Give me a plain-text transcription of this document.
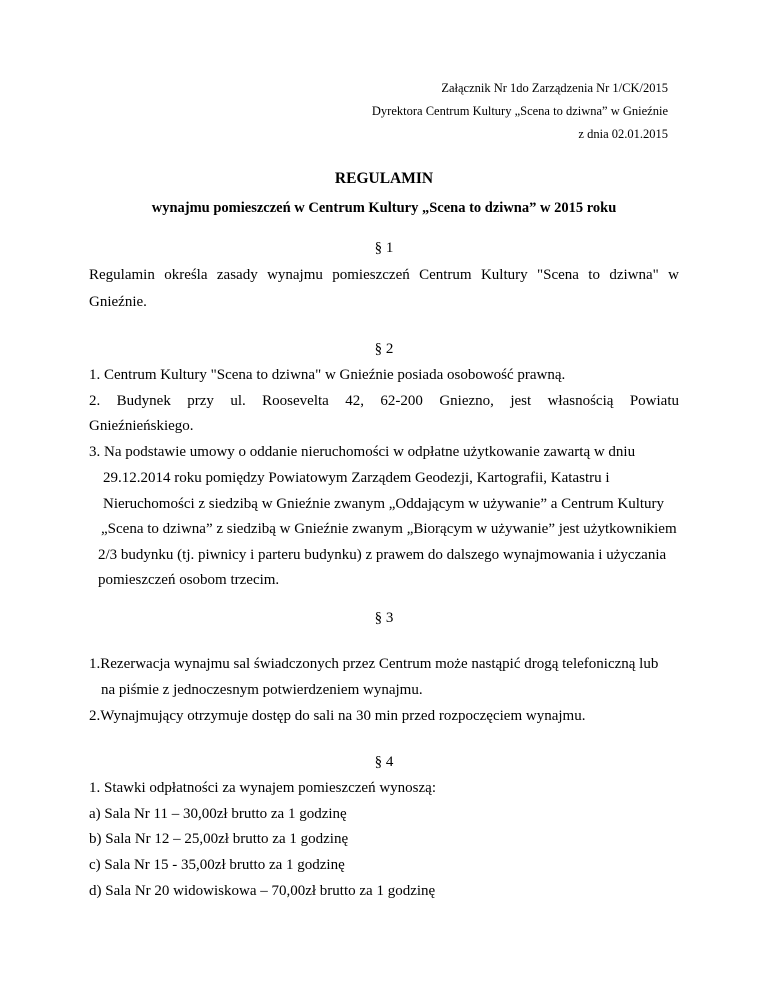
Załącznik Nr 1do Zarządzenia Nr 1/CK/2015
Dyrektora Centrum Kultury „Scena to dziwna” w Gnieźnie
z dnia 02.01.2015
REGULAMIN
wynajmu pomieszczeń w Centrum Kultury „Scena to dziwna” w 2015 roku
§ 1
Regulamin określa zasady wynajmu pomieszczeń Centrum Kultury "Scena to dziwna" w
Gnieźnie.
§ 2
1. Centrum Kultury "Scena to dziwna" w Gnieźnie posiada osobowość prawną.
2. Budynek przy ul. Roosevelta 42, 62-200 Gniezno, jest własnością Powiatu
Gnieźnieńskiego.
3. Na podstawie umowy o oddanie nieruchomości w odpłatne użytkowanie zawartą w dniu
29.12.2014 roku pomiędzy Powiatowym Zarządem Geodezji, Kartografii, Katastru i
Nieruchomości z siedzibą w Gnieźnie zwanym „Oddającym w używanie” a Centrum Kultury
„Scena to dziwna” z siedzibą w Gnieźnie zwanym „Biorącym w używanie” jest użytkownikiem
2/3 budynku (tj. piwnicy i parteru budynku) z prawem do dalszego wynajmowania i użyczania
pomieszczeń osobom trzecim.
§ 3
1.Rezerwacja wynajmu sal świadczonych przez Centrum może nastąpić drogą telefoniczną lub
na piśmie z jednoczesnym potwierdzeniem wynajmu.
2.Wynajmujący otrzymuje dostęp do sali na 30 min przed rozpoczęciem wynajmu.
§ 4
1. Stawki odpłatności za wynajem pomieszczeń wynoszą:
a) Sala Nr 11 – 30,00zł brutto za 1 godzinę
b) Sala Nr 12 – 25,00zł brutto za 1 godzinę
c) Sala Nr 15 - 35,00zł brutto za 1 godzinę
d) Sala Nr 20 widowiskowa – 70,00zł brutto za 1 godzinę
